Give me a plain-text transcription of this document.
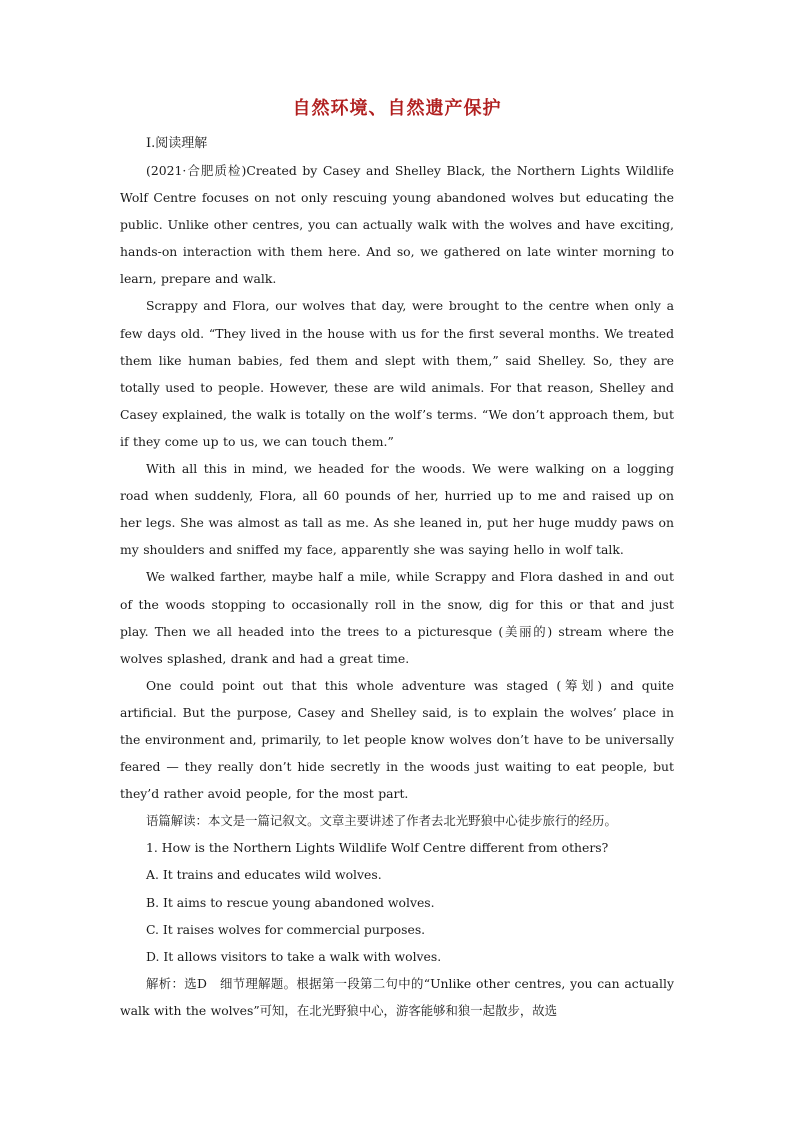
自然环境、自然遗产保护

Ⅰ.阅读理解

(2021·合肥质检)Created by Casey and Shelley Black, the Northern Lights Wildlife Wolf Centre focuses on not only rescuing young abandoned wolves but educating the public. Unlike other centres, you can actually walk with the wolves and have exciting, hands-on interaction with them here. And so, we gathered on late winter morning to learn, prepare and walk.

Scrappy and Flora, our wolves that day, were brought to the centre when only a few days old. “They lived in the house with us for the first several months. We treated them like human babies, fed them and slept with them,” said Shelley. So, they are totally used to people. However, these are wild animals. For that reason, Shelley and Casey explained, the walk is totally on the wolf’s terms. “We don’t approach them, but if they come up to us, we can touch them.”

With all this in mind, we headed for the woods. We were walking on a logging road when suddenly, Flora, all 60 pounds of her, hurried up to me and raised up on her legs. She was almost as tall as me. As she leaned in, put her huge muddy paws on my shoulders and sniffed my face, apparently she was saying hello in wolf talk.

We walked farther, maybe half a mile, while Scrappy and Flora dashed in and out of the woods stopping to occasionally roll in the snow, dig for this or that and just play. Then we all headed into the trees to a picturesque (美丽的) stream where the wolves splashed, drank and had a great time.

One could point out that this whole adventure was staged (筹划) and quite artificial. But the purpose, Casey and Shelley said, is to explain the wolves’ place in the environment and, primarily, to let people know wolves don’t have to be universally feared — they really don’t hide secretly in the woods just waiting to eat people, but they’d rather avoid people, for the most part.

语篇解读：本文是一篇记叙文。文章主要讲述了作者去北光野狼中心徒步旅行的经历。

1. How is the Northern Lights Wildlife Wolf Centre different from others?

A. It trains and educates wild wolves.

B. It aims to rescue young abandoned wolves.

C. It raises wolves for commercial purposes.

D. It allows visitors to take a walk with wolves.

解析：选D　细节理解题。根据第一段第二句中的“Unlike other centres, you can actually walk with the wolves”可知，在北光野狼中心，游客能够和狼一起散步，故选
